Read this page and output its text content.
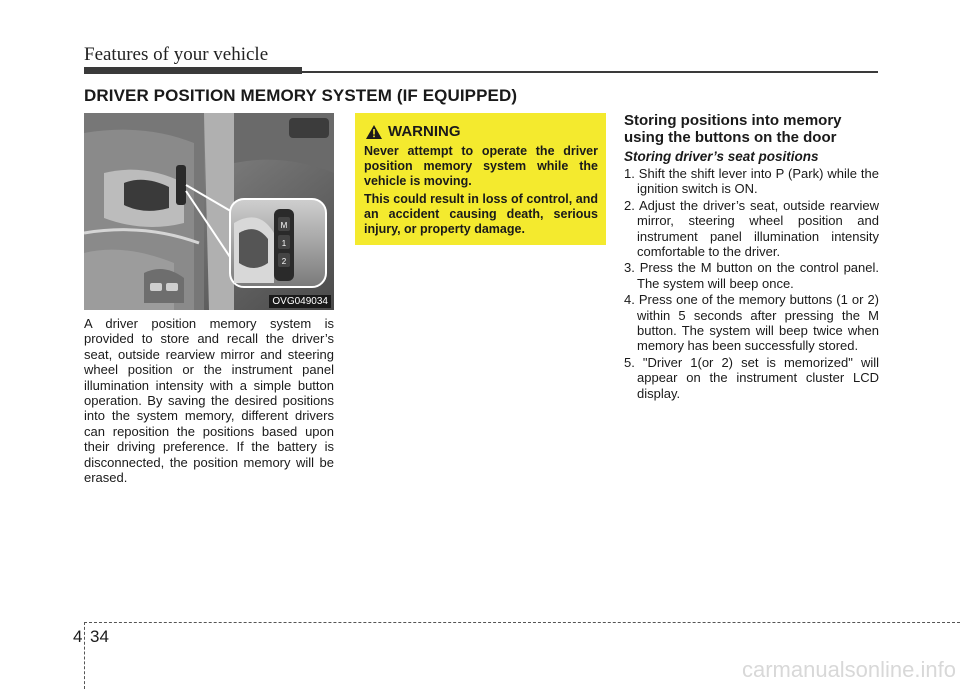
Features of your vehicle
DRIVER POSITION MEMORY SYSTEM (IF EQUIPPED)
M
1
2
OVG049034
A driver position memory system is provided to store and recall the driver’s seat, outside rearview mirror and steering wheel position or the instrument panel illumination intensity with a simple button operation. By saving the desired positions into the system memory, different drivers can reposition the positions based upon their driving preference. If the battery is disconnected, the position memory will be erased.
WARNING

Never attempt to operate the driver position memory system while the vehicle is moving.

This could result in loss of control, and an accident causing death, serious injury, or property damage.

Storing positions into memory using the buttons on the door
Storing driver’s seat positions
1. Shift the shift lever into P (Park) while the ignition switch is ON.
2. Adjust the driver’s seat, outside rearview mirror, steering wheel position and instrument panel illumination intensity comfortable to the driver.
3. Press the M button on the control panel. The system will beep once.
4. Press one of the memory buttons (1 or 2) within 5 seconds after pressing the M button. The system will beep twice when memory has been successfully stored.
5. "Driver 1(or 2) set is memorized" will appear on the instrument cluster LCD display.
4 34
carmanualsonline.info
